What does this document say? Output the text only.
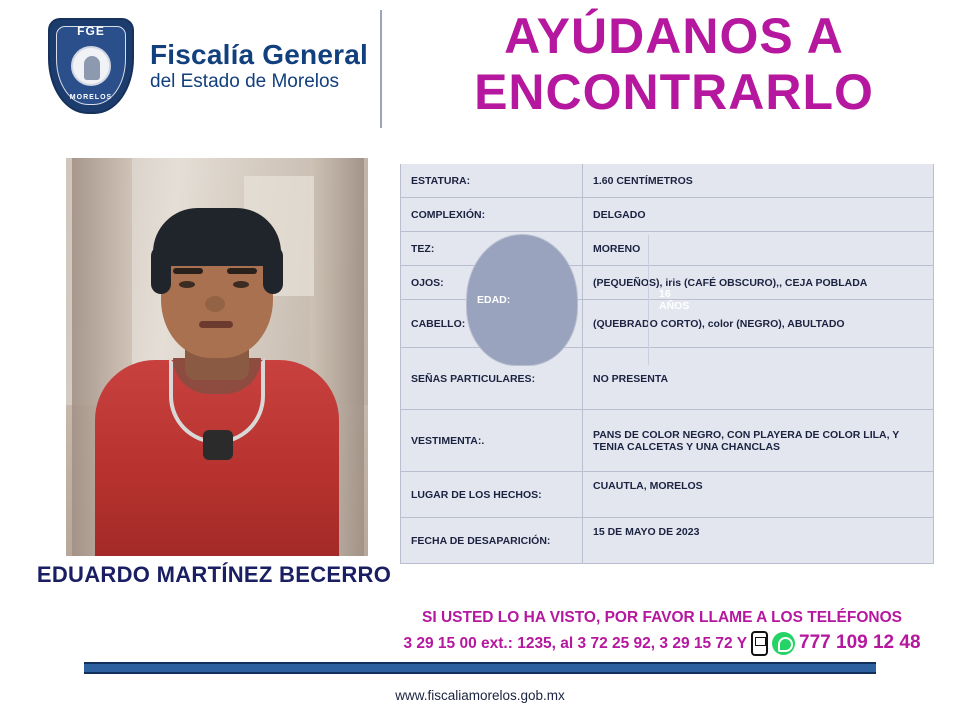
FGE
MORELOS
Fiscalía General
del Estado de Morelos
AYÚDANOS A
ENCONTRARLO
EDUARDO MARTÍNEZ BECERRO
EDAD:	16 AÑOS
ESTATURA:	1.60 CENTÍMETROS
COMPLEXIÓN:	DELGADO
TEZ:	MORENO
OJOS:	(PEQUEÑOS), iris (CAFÉ OBSCURO),, CEJA POBLADA
CABELLO:	(QUEBRADO CORTO), color (NEGRO), ABULTADO
SEÑAS PARTICULARES:	NO PRESENTA
VESTIMENTA: .	PANS DE COLOR NEGRO, CON PLAYERA DE COLOR LILA, Y TENIA CALCETAS Y UNA CHANCLAS
LUGAR DE LOS HECHOS:
CUAUTLA, MORELOS
FECHA DE DESAPARICIÓN:
15 DE MAYO DE 2023
SI USTED LO HA VISTO, POR FAVOR LLAME A LOS TELÉFONOS
3 29 15 00 ext.: 1235, al 3 72 25 92, 3 29 15 72 Y	777 109 12 48
www.fiscaliamorelos.gob.mx
